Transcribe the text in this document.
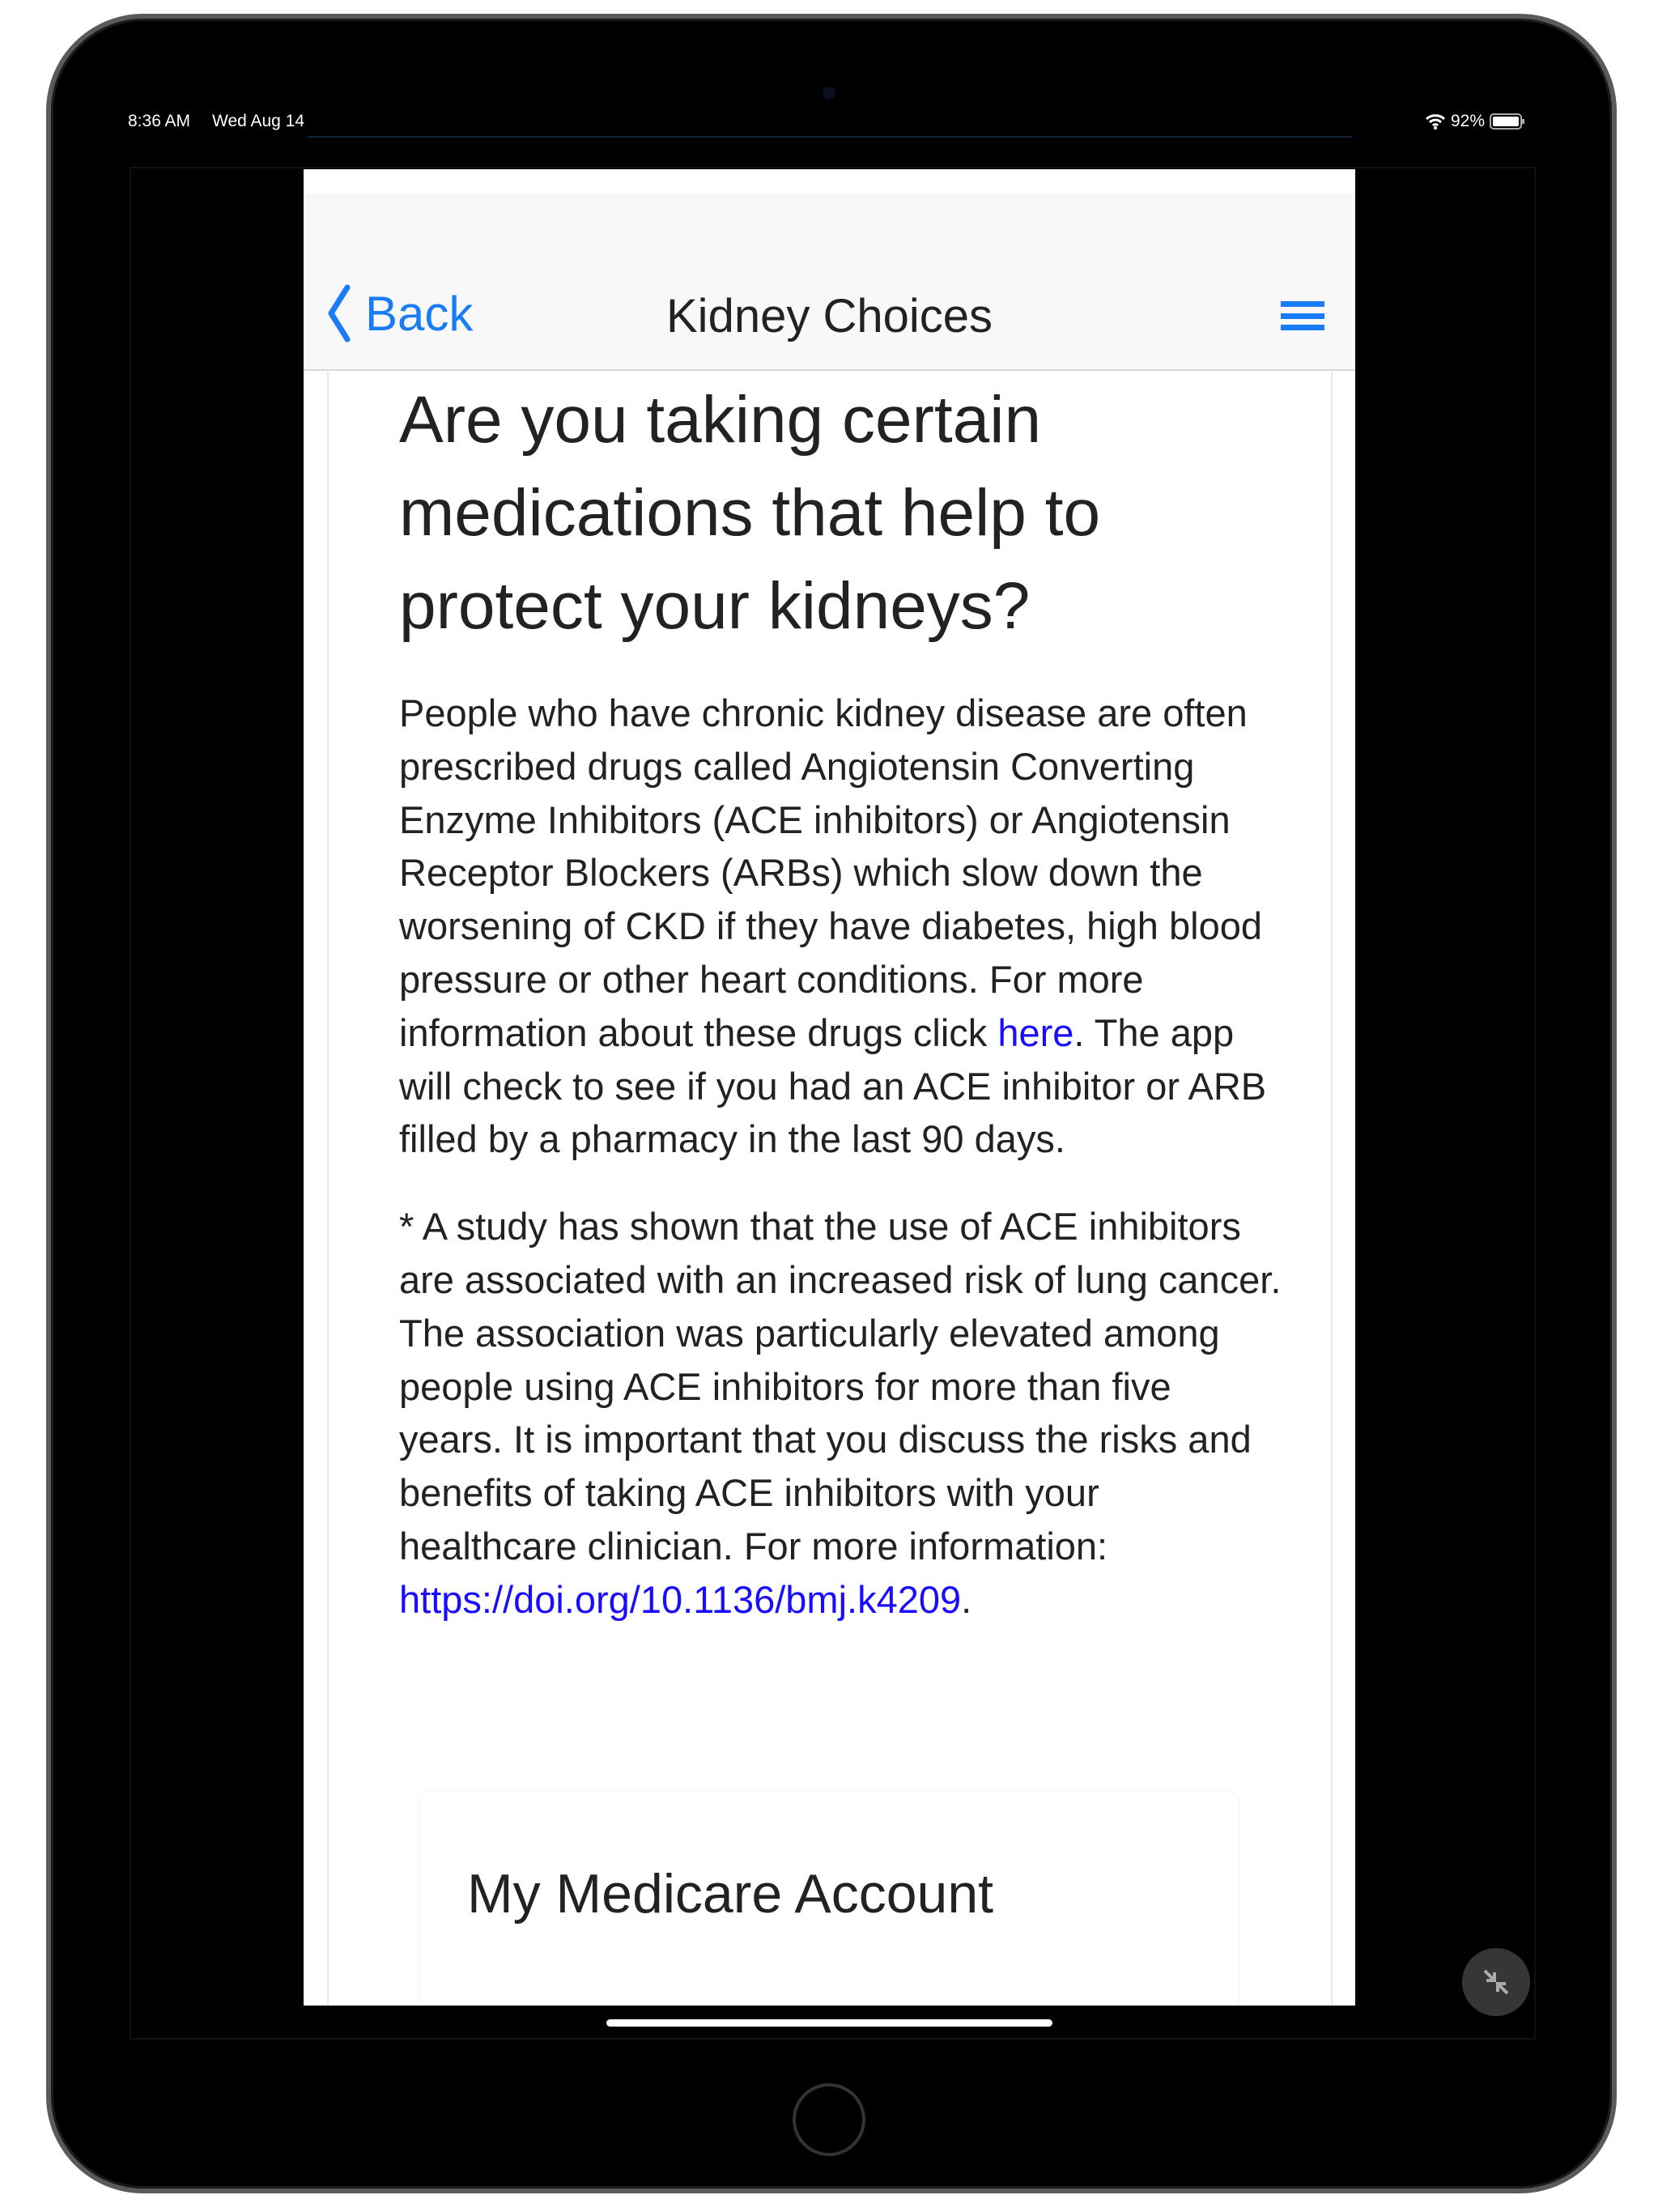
8:36 AM Wed Aug 14	92%
Back	Kidney Choices
Are you taking certain medications that help to protect your kidneys?

People who have chronic kidney disease are often prescribed drugs called Angiotensin Converting Enzyme Inhibitors (ACE inhibitors) or Angiotensin Receptor Blockers (ARBs) which slow down the worsening of CKD if they have diabetes, high blood pressure or other heart conditions. For more information about these drugs click here. The app will check to see if you had an ACE inhibitor or ARB filled by a pharmacy in the last 90 days.

* A study has shown that the use of ACE inhibitors are associated with an increased risk of lung cancer. The association was particularly elevated among people using ACE inhibitors for more than five years. It is important that you discuss the risks and benefits of taking ACE inhibitors with your healthcare clinician. For more information: https://doi.org/10.1136/bmj.k4209.

My Medicare Account
